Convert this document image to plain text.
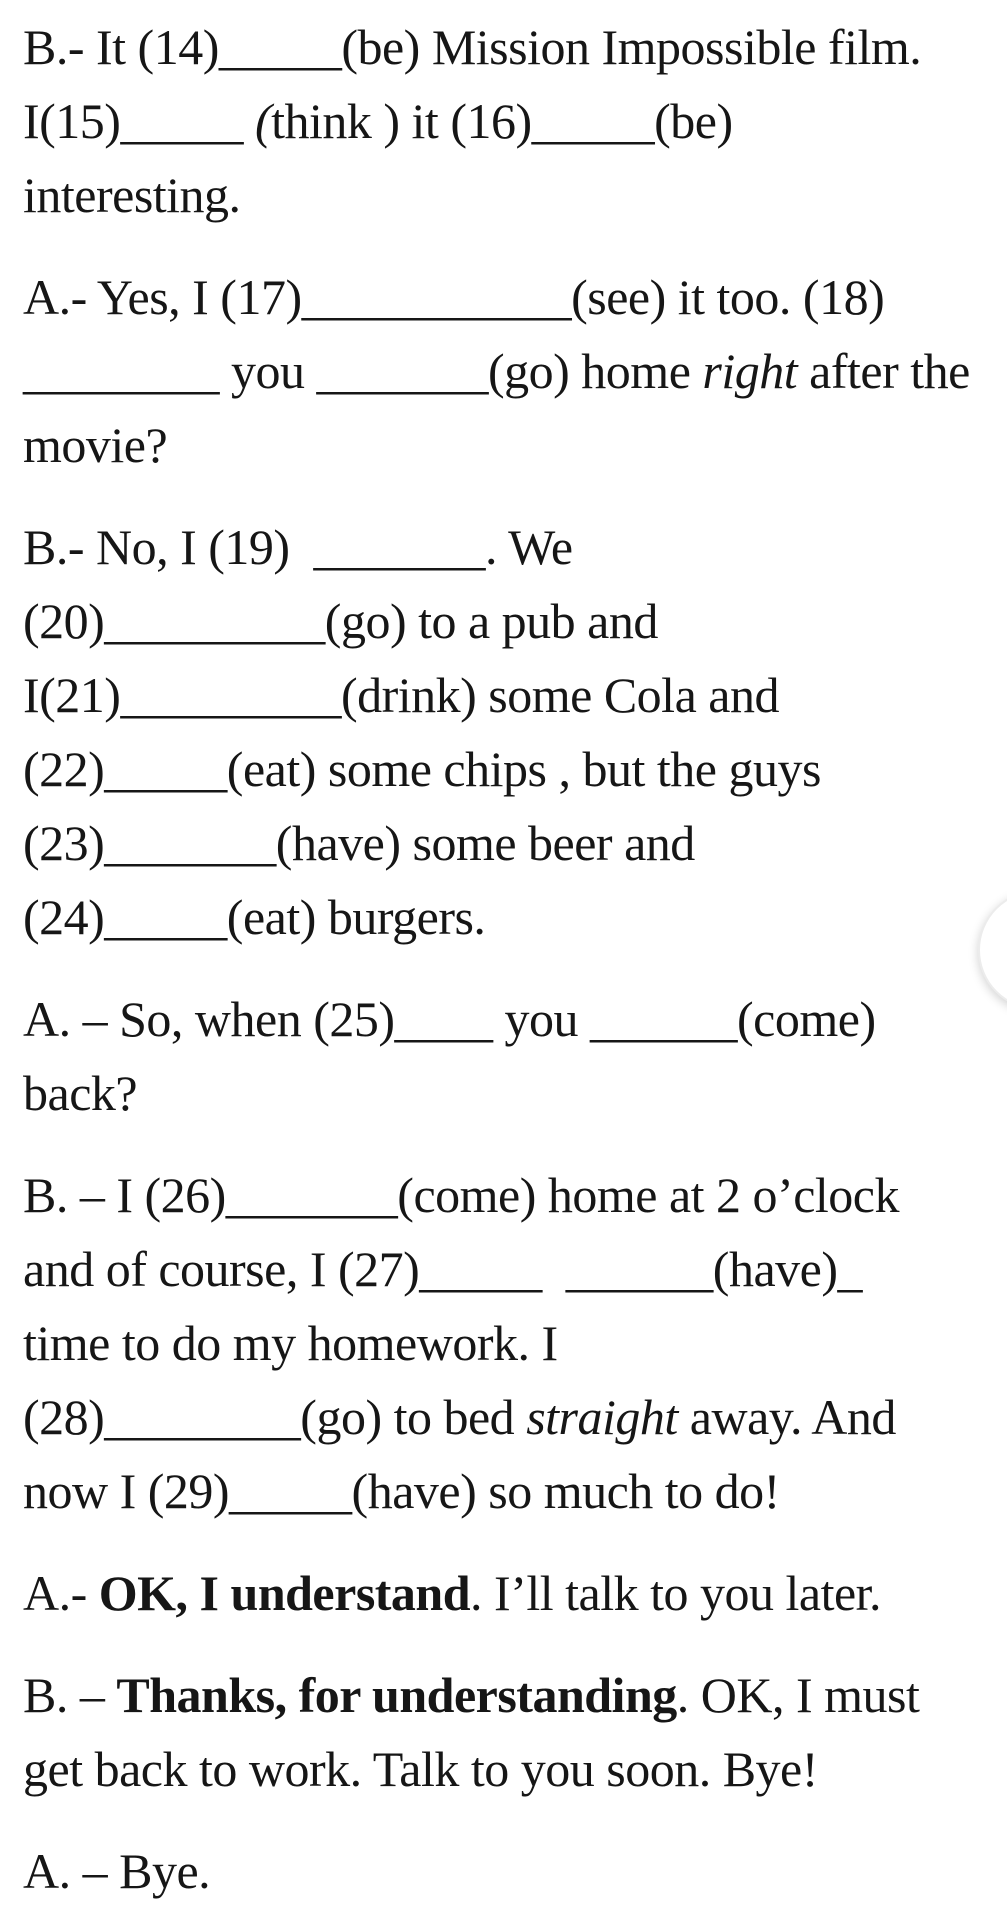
B.- It (14)_____(be) Mission Impossible film.
I(15)_____ (think ) it (16)_____(be)
interesting.

A.- Yes, I (17)___________(see) it too. (18)
________ you _______(go) home right after the
movie?

B.- No, I (19)  _______. We
(20)_________(go) to a pub and
I(21)_________(drink) some Cola and
(22)_____(eat) some chips , but the guys
(23)_______(have) some beer and
(24)_____(eat) burgers.

A. – So, when (25)____ you ______(come)
back?

B. – I (26)_______(come) home at 2 o’clock
and of course, I (27)_____  ______(have)_
time to do my homework. I
(28)________(go) to bed straight away. And
now I (29)_____(have) so much to do!

A.- OK, I understand. I’ll talk to you later.

B. – Thanks, for understanding. OK, I must
get back to work. Talk to you soon. Bye!

A. – Bye.
